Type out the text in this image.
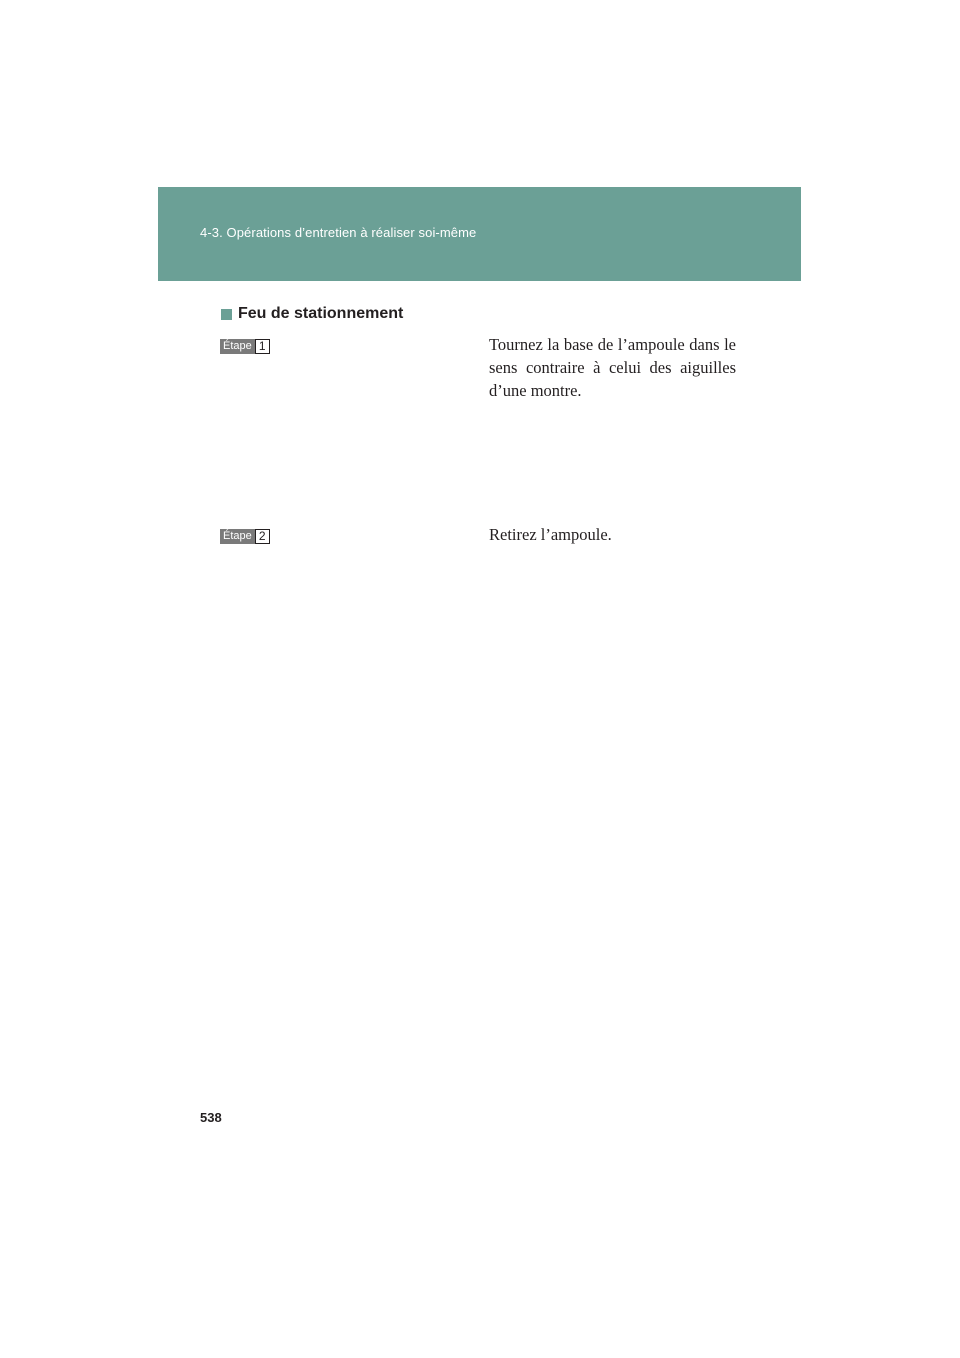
4-3. Opérations d’entretien à réaliser soi-même
Feu de stationnement
Étape 1	Tournez la base de l’ampoule dans le sens contraire à celui des aiguilles d’une montre.
Étape 2	Retirez l’ampoule.
538
